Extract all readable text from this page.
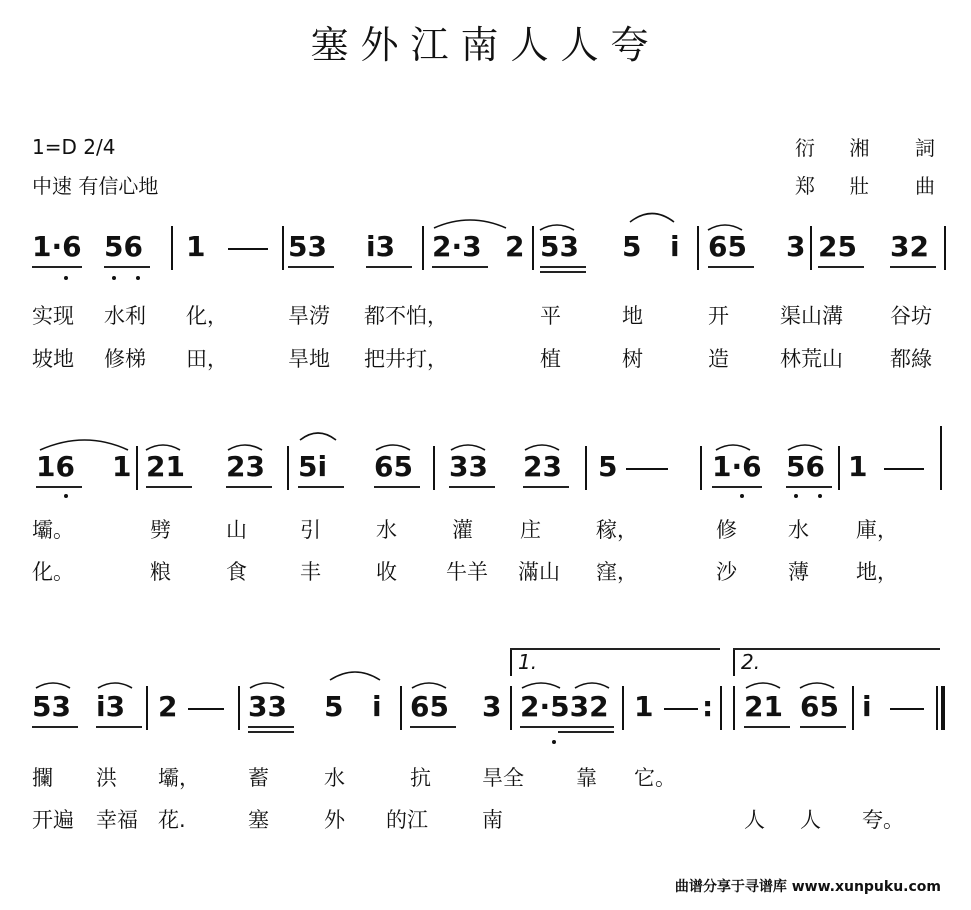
塞外江南人人夸
1=D 2/4
中速 有信心地
衍 湘 詞
郑 壯 曲
1·6 56 1	53 i3 2·3 2 53 5 i 65 3 25 32
实现 水利 化，	旱涝 都不怕，	平	地	开 渠山溝 谷坊
坡地 修梯 田，	旱地 把井打，	植	树	造 林荒山 都綠
16 1 21 23 5i 65 33 23 5	1·6 56 1
壩。	劈	山	引	水	灌 庄	稼，	修 水 庫，
化。	粮	食	丰	收 牛羊 滿山 窪，	沙 薄 地，
1.	2.
53 i3 2	33 5 i 65 3 2·532 1 : 21 65 i
攔 洪 壩， 蓄	水	抗 旱全 靠 它。
开遍 幸福 花.	塞	外 的江	南	人 人 夸。
曲谱分享于寻谱库 www.xunpuku.com
